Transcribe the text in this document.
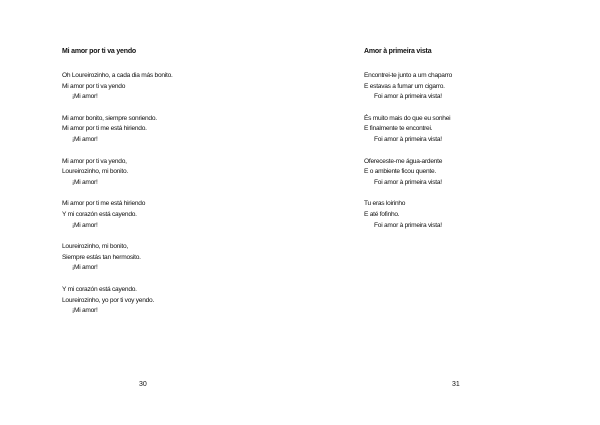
Mi amor por ti va yendo

Oh Loureirozinho, a cada dia más bonito.
Mi amor por ti va yendo
¡Mi amor!
Mi amor bonito, siempre sonriendo.
Mi amor por ti me está hiriendo.
¡Mi amor!
Mi amor por ti va yendo,
Loureirozinho, mi bonito.
¡Mi amor!
Mi amor por ti me está hiriendo
Y mi corazón está cayendo.
¡Mi amor!
Loureirozinho, mi bonito,
Siempre estás tan hermosito.
¡Mi amor!
Y mi corazón está cayendo.
Loureirozinho, yo por ti voy yendo.
¡Mi amor!
30

Amor à primeira vista

Encontrei-te junto a um chaparro
E estavas a fumar um cigarro.
Foi amor à primeira vista!
És muito mais do que eu sonhei
E finalmente te encontrei.
Foi amor à primeira vista!
Ofereceste-me água-ardente
E o ambiente ficou quente.
Foi amor à primeira vista!
Tu eras loirinho
E até fofinho.
Foi amor à primeira vista!
31
